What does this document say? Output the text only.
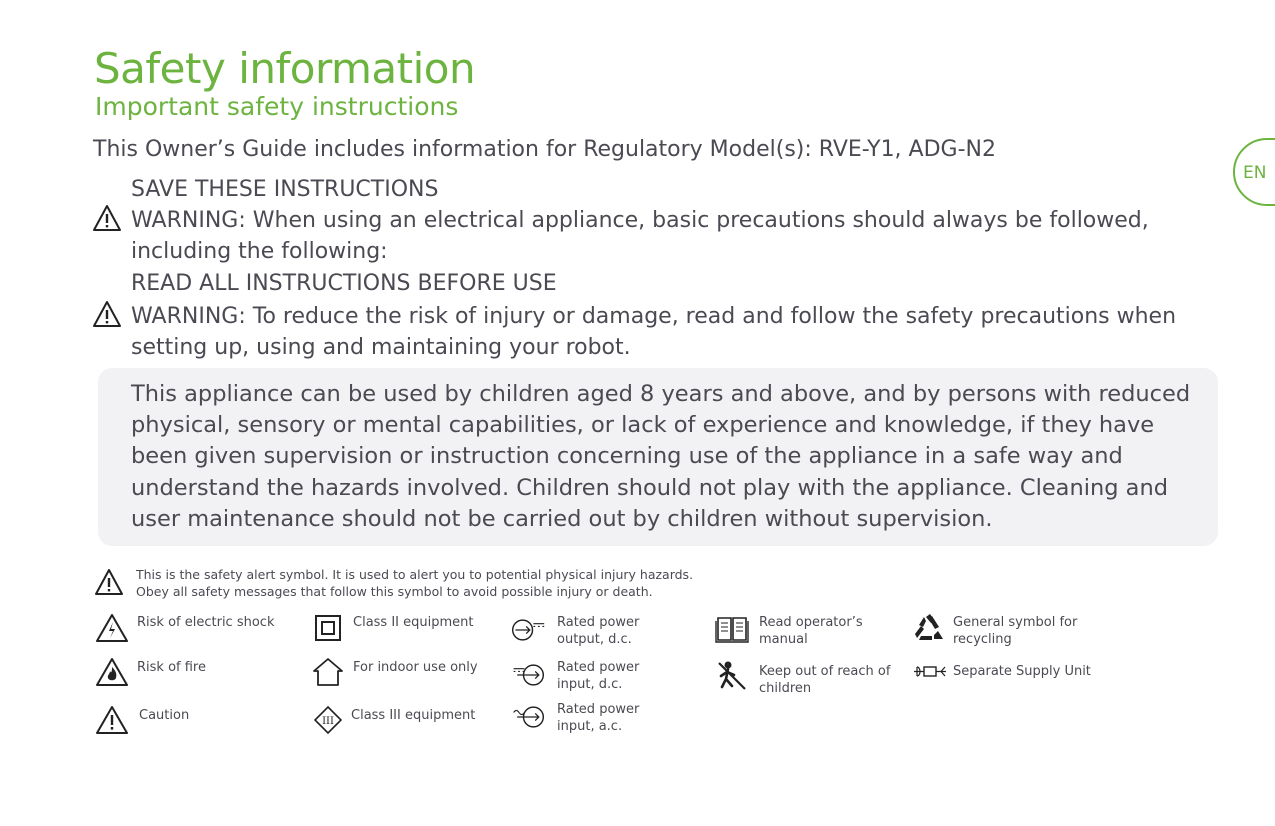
Safety information
Important safety instructions
This Owner’s Guide includes information for Regulatory Model(s): RVE-Y1, ADG-N2
EN
SAVE THESE INSTRUCTIONS
WARNING: When using an electrical appliance, basic precautions should always be followed,
including the following:
READ ALL INSTRUCTIONS BEFORE USE
WARNING: To reduce the risk of injury or damage, read and follow the safety precautions when
setting up, using and maintaining your robot.
This appliance can be used by children aged 8 years and above, and by persons with reduced
physical, sensory or mental capabilities, or lack of experience and knowledge, if they have
been given supervision or instruction concerning use of the appliance in a safe way and
understand the hazards involved. Children should not play with the appliance. Cleaning and
user maintenance should not be carried out by children without supervision.
This is the safety alert symbol. It is used to alert you to potential physical injury hazards.
Obey all safety messages that follow this symbol to avoid possible injury or death.
Risk of electric shock
Risk of fire
Caution
Class II equipment
For indoor use only
III Class III equipment
Rated power
output, d.c.
Rated power
input, d.c.
Rated power
input, a.c.
Read operator’s
manual
Keep out of reach of
children
General symbol for
recycling
Separate Supply Unit
